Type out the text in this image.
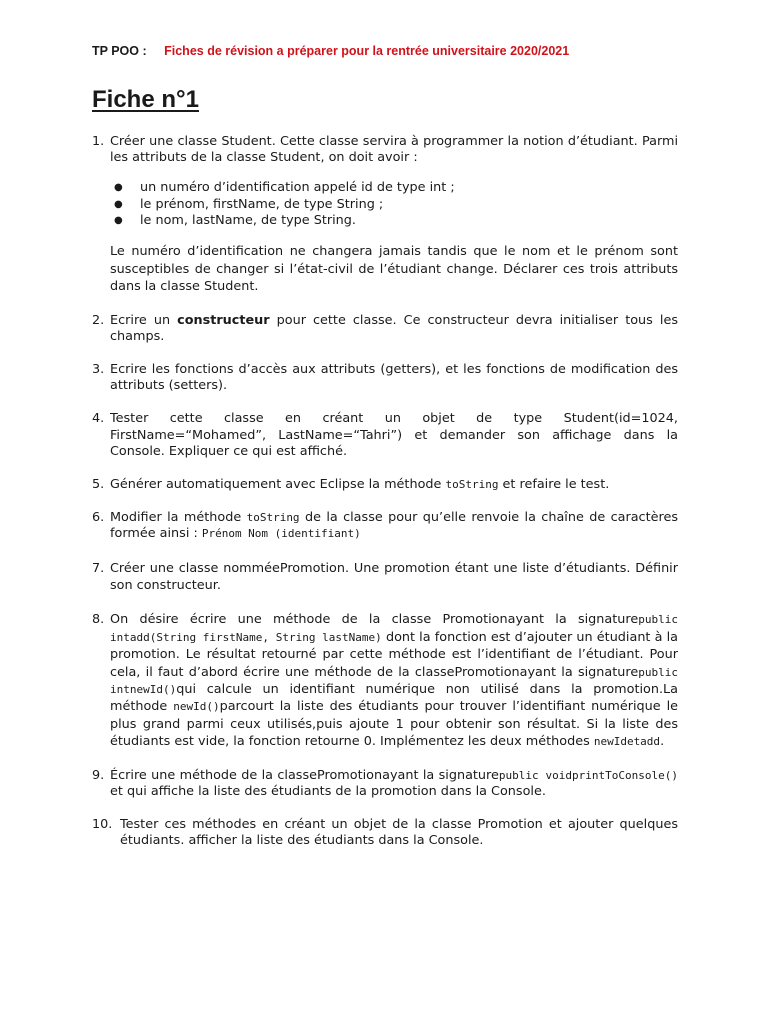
TP POO : Fiches de révision a préparer pour la rentrée universitaire 2020/2021
Fiche n°1
1. Créer une classe Student. Cette classe servira à programmer la notion d’étudiant. Parmi les attributs de la classe Student, on doit avoir :
●	un numéro d’identification appelé id de type int ;
●	le prénom, firstName, de type String ;
●	le nom, lastName, de type String.
Le numéro d’identification ne changera jamais tandis que le nom et le prénom sont susceptibles de changer si l’état-civil de l’étudiant change. Déclarer ces trois attributs dans la classe Student.
2. Ecrire un constructeur pour cette classe. Ce constructeur devra initialiser tous les champs.
3. Ecrire les fonctions d’accès aux attributs (getters), et les fonctions de modification des attributs (setters).
4. Tester cette classe en créant un objet de type Student(id=1024, FirstName=“Mohamed”, LastName=“Tahri”) et demander son affichage dans la Console. Expliquer ce qui est affiché.
5. Générer automatiquement avec Eclipse la méthode toString et refaire le test.
6. Modifier la méthode toString de la classe pour qu’elle renvoie la chaîne de caractères formée ainsi : Prénom Nom (identifiant)
7. Créer une classe nomméePromotion. Une promotion étant une liste d’étudiants. Définir son constructeur.
8. On désire écrire une méthode de la classe Promotionayant la signaturepublic intadd(String firstName, String lastName) dont la fonction est d’ajouter un étudiant à la promotion. Le résultat retourné par cette méthode est l’identifiant de l’étudiant. Pour cela, il faut d’abord écrire une méthode de la classePromotionayant la signaturepublic intnewId()qui calcule un identifiant numérique non utilisé dans la promotion.La méthode newId()parcourt la liste des étudiants pour trouver l’identifiant numérique le plus grand parmi ceux utilisés,puis ajoute 1 pour obtenir son résultat. Si la liste des étudiants est vide, la fonction retourne 0. Implémentez les deux méthodes newIdetadd.
9. Écrire une méthode de la classePromotionayant la signaturepublic voidprintToConsole() et qui affiche la liste des étudiants de la promotion dans la Console.
10. Tester ces méthodes en créant un objet de la classe Promotion et ajouter quelques étudiants. afficher la liste des étudiants dans la Console.
